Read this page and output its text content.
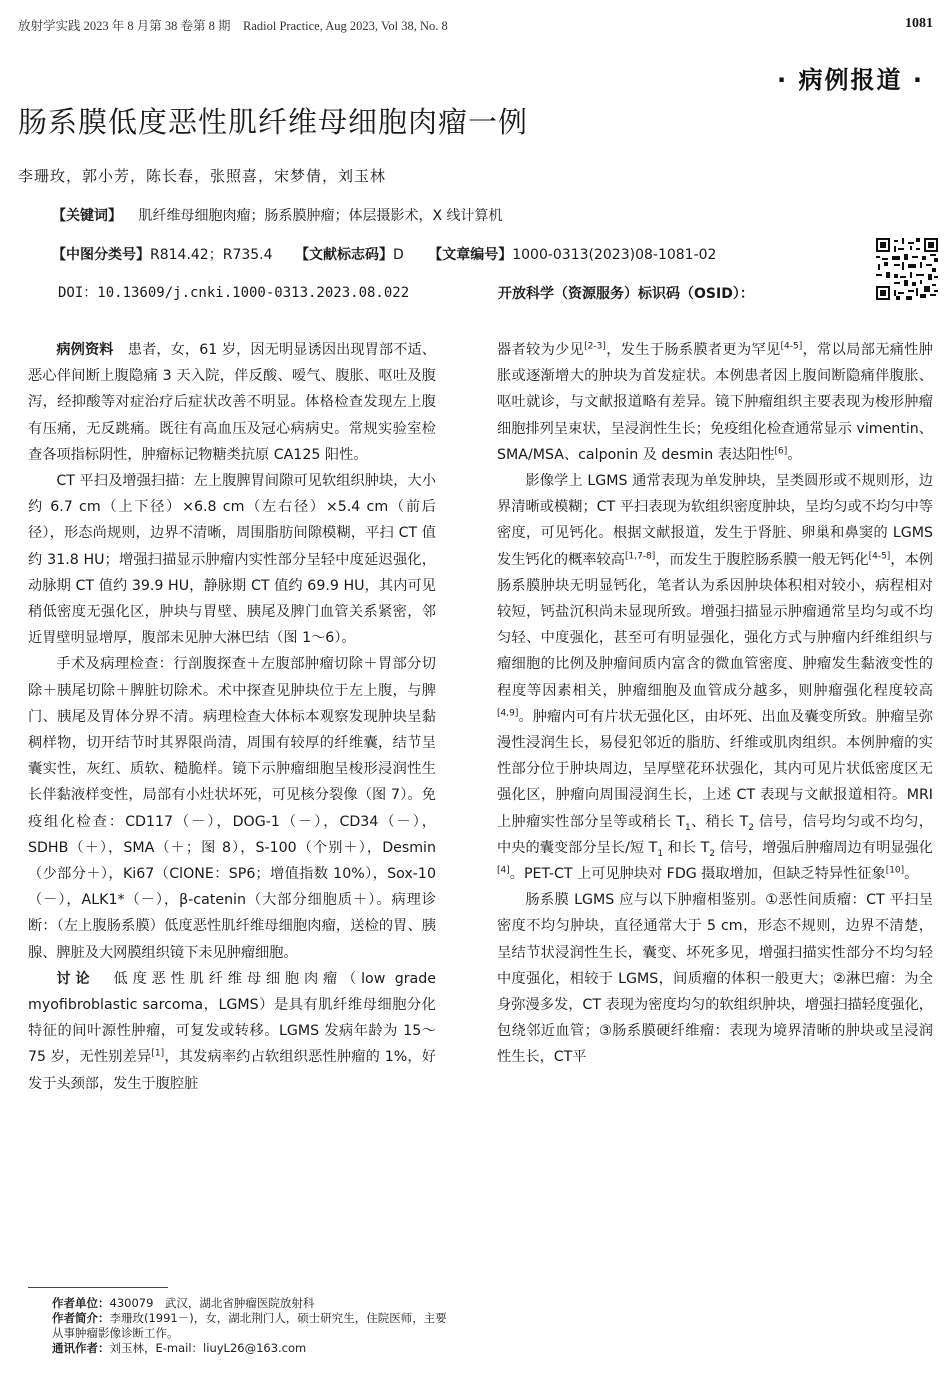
放射学实践 2023 年 8 月第 38 卷第 8 期　Radiol Practice, Aug 2023, Vol 38, No. 8	1081
· 病例报道 ·
肠系膜低度恶性肌纤维母细胞肉瘤一例
李珊玫，郭小芳，陈长春，张照喜，宋梦倩，刘玉林
【关键词】 肌纤维母细胞肉瘤；肠系膜肿瘤；体层摄影术，X 线计算机
【中图分类号】R814.42；R735.4 【文献标志码】D 【文章编号】1000-0313(2023)08-1081-02
DOI：10.13609/j.cnki.1000-0313.2023.08.022	开放科学（资源服务）标识码（OSID）：

病例资料　 患者，女，61 岁，因无明显诱因出现胃部不适、恶心伴间断上腹隐痛 3 天入院，伴反酸、嗳气、腹胀、呕吐及腹泻，经抑酸等对症治疗后症状改善不明显。体格检查发现左上腹有压痛，无反跳痛。既往有高血压及冠心病病史。常规实验室检查各项指标阴性，肿瘤标记物糖类抗原 CA125 阳性。

CT 平扫及增强扫描：左上腹脾胃间隙可见软组织肿块，大小约 6.7 cm（上下径）×6.8 cm（左右径）×5.4 cm（前后径），形态尚规则，边界不清晰，周围脂肪间隙模糊，平扫 CT 值约 31.8 HU；增强扫描显示肿瘤内实性部分呈轻中度延迟强化，动脉期 CT 值约 39.9 HU，静脉期 CT 值约 69.9 HU，其内可见稍低密度无强化区，肿块与胃壁、胰尾及脾门血管关系紧密，邻近胃壁明显增厚，腹部未见肿大淋巴结（图 1～6）。

手术及病理检查：行剖腹探查＋左腹部肿瘤切除＋胃部分切除＋胰尾切除＋脾脏切除术。术中探查见肿块位于左上腹，与脾门、胰尾及胃体分界不清。病理检查大体标本观察发现肿块呈黏稠样物，切开结节时其界限尚清，周围有较厚的纤维囊，结节呈囊实性，灰红、质软、糙脆样。镜下示肿瘤细胞呈梭形浸润性生长伴黏液样变性，局部有小灶状坏死，可见核分裂像（图 7）。免疫组化检查：CD117（－），DOG-1（－），CD34（－），SDHB（＋），SMA（＋；图 8），S-100（个别＋），Desmin（少部分＋），Ki67（ClONE：SP6；增值指数 10%），Sox-10（－），ALK1*（－），β-catenin（大部分细胞质＋）。病理诊断：（左上腹肠系膜）低度恶性肌纤维母细胞肉瘤，送检的胃、胰腺、脾脏及大网膜组织镜下未见肿瘤细胞。

讨论　 低度恶性肌纤维母细胞肉瘤（low grade myofibroblastic sarcoma，LGMS）是具有肌纤维母细胞分化特征的间叶源性肿瘤，可复发或转移。LGMS 发病年龄为 15～75 岁，无性别差异[1]，其发病率约占软组织恶性肿瘤的 1%，好发于头颈部，发生于腹腔脏

器者较为少见[2-3]，发生于肠系膜者更为罕见[4-5]，常以局部无痛性肿胀或逐渐增大的肿块为首发症状。本例患者因上腹间断隐痛伴腹胀、呕吐就诊，与文献报道略有差异。镜下肿瘤组织主要表现为梭形肿瘤细胞排列呈束状，呈浸润性生长；免疫组化检查通常显示 vimentin、SMA/MSA、calponin 及 desmin 表达阳性[6]。

影像学上 LGMS 通常表现为单发肿块，呈类圆形或不规则形，边界清晰或模糊；CT 平扫表现为软组织密度肿块，呈均匀或不均匀中等密度，可见钙化。根据文献报道，发生于肾脏、卵巢和鼻窦的 LGMS 发生钙化的概率较高[1,7-8]，而发生于腹腔肠系膜一般无钙化[4-5]，本例肠系膜肿块无明显钙化，笔者认为系因肿块体积相对较小，病程相对较短，钙盐沉积尚未显现所致。增强扫描显示肿瘤通常呈均匀或不均匀轻、中度强化，甚至可有明显强化，强化方式与肿瘤内纤维组织与瘤细胞的比例及肿瘤间质内富含的微血管密度、肿瘤发生黏液变性的程度等因素相关，肿瘤细胞及血管成分越多，则肿瘤强化程度较高[4,9]。肿瘤内可有片状无强化区，由坏死、出血及囊变所致。肿瘤呈弥漫性浸润生长，易侵犯邻近的脂肪、纤维或肌肉组织。本例肿瘤的实性部分位于肿块周边，呈厚壁花环状强化，其内可见片状低密度区无强化区，肿瘤向周围浸润生长，上述 CT 表现与文献报道相符。MRI 上肿瘤实性部分呈等或稍长 $T_1$、稍长 $T_2$ 信号，信号均匀或不均匀，中央的囊变部分呈长/短 $T_1$ 和长 $T_2$ 信号，增强后肿瘤周边有明显强化[4]。PET-CT 上可见肿块对 FDG 摄取增加，但缺乏特异性征象[10]。

肠系膜 LGMS 应与以下肿瘤相鉴别。①恶性间质瘤：CT 平扫呈密度不均匀肿块，直径通常大于 5 cm，形态不规则，边界不清楚，呈结节状浸润性生长，囊变、坏死多见，增强扫描实性部分不均匀轻中度强化，相较于 LGMS，间质瘤的体积一般更大；②淋巴瘤：为全身弥漫多发，CT 表现为密度均匀的软组织肿块，增强扫描轻度强化，包绕邻近血管；③肠系膜硬纤维瘤：表现为境界清晰的肿块或呈浸润性生长，CT平

作者单位：430079　武汉，湖北省肿瘤医院放射科
作者简介：李珊玫(1991－)，女，湖北荆门人，硕士研究生，住院医师，主要从事肿瘤影像诊断工作。
通讯作者：刘玉林，E-mail：liuyL26@163.com
